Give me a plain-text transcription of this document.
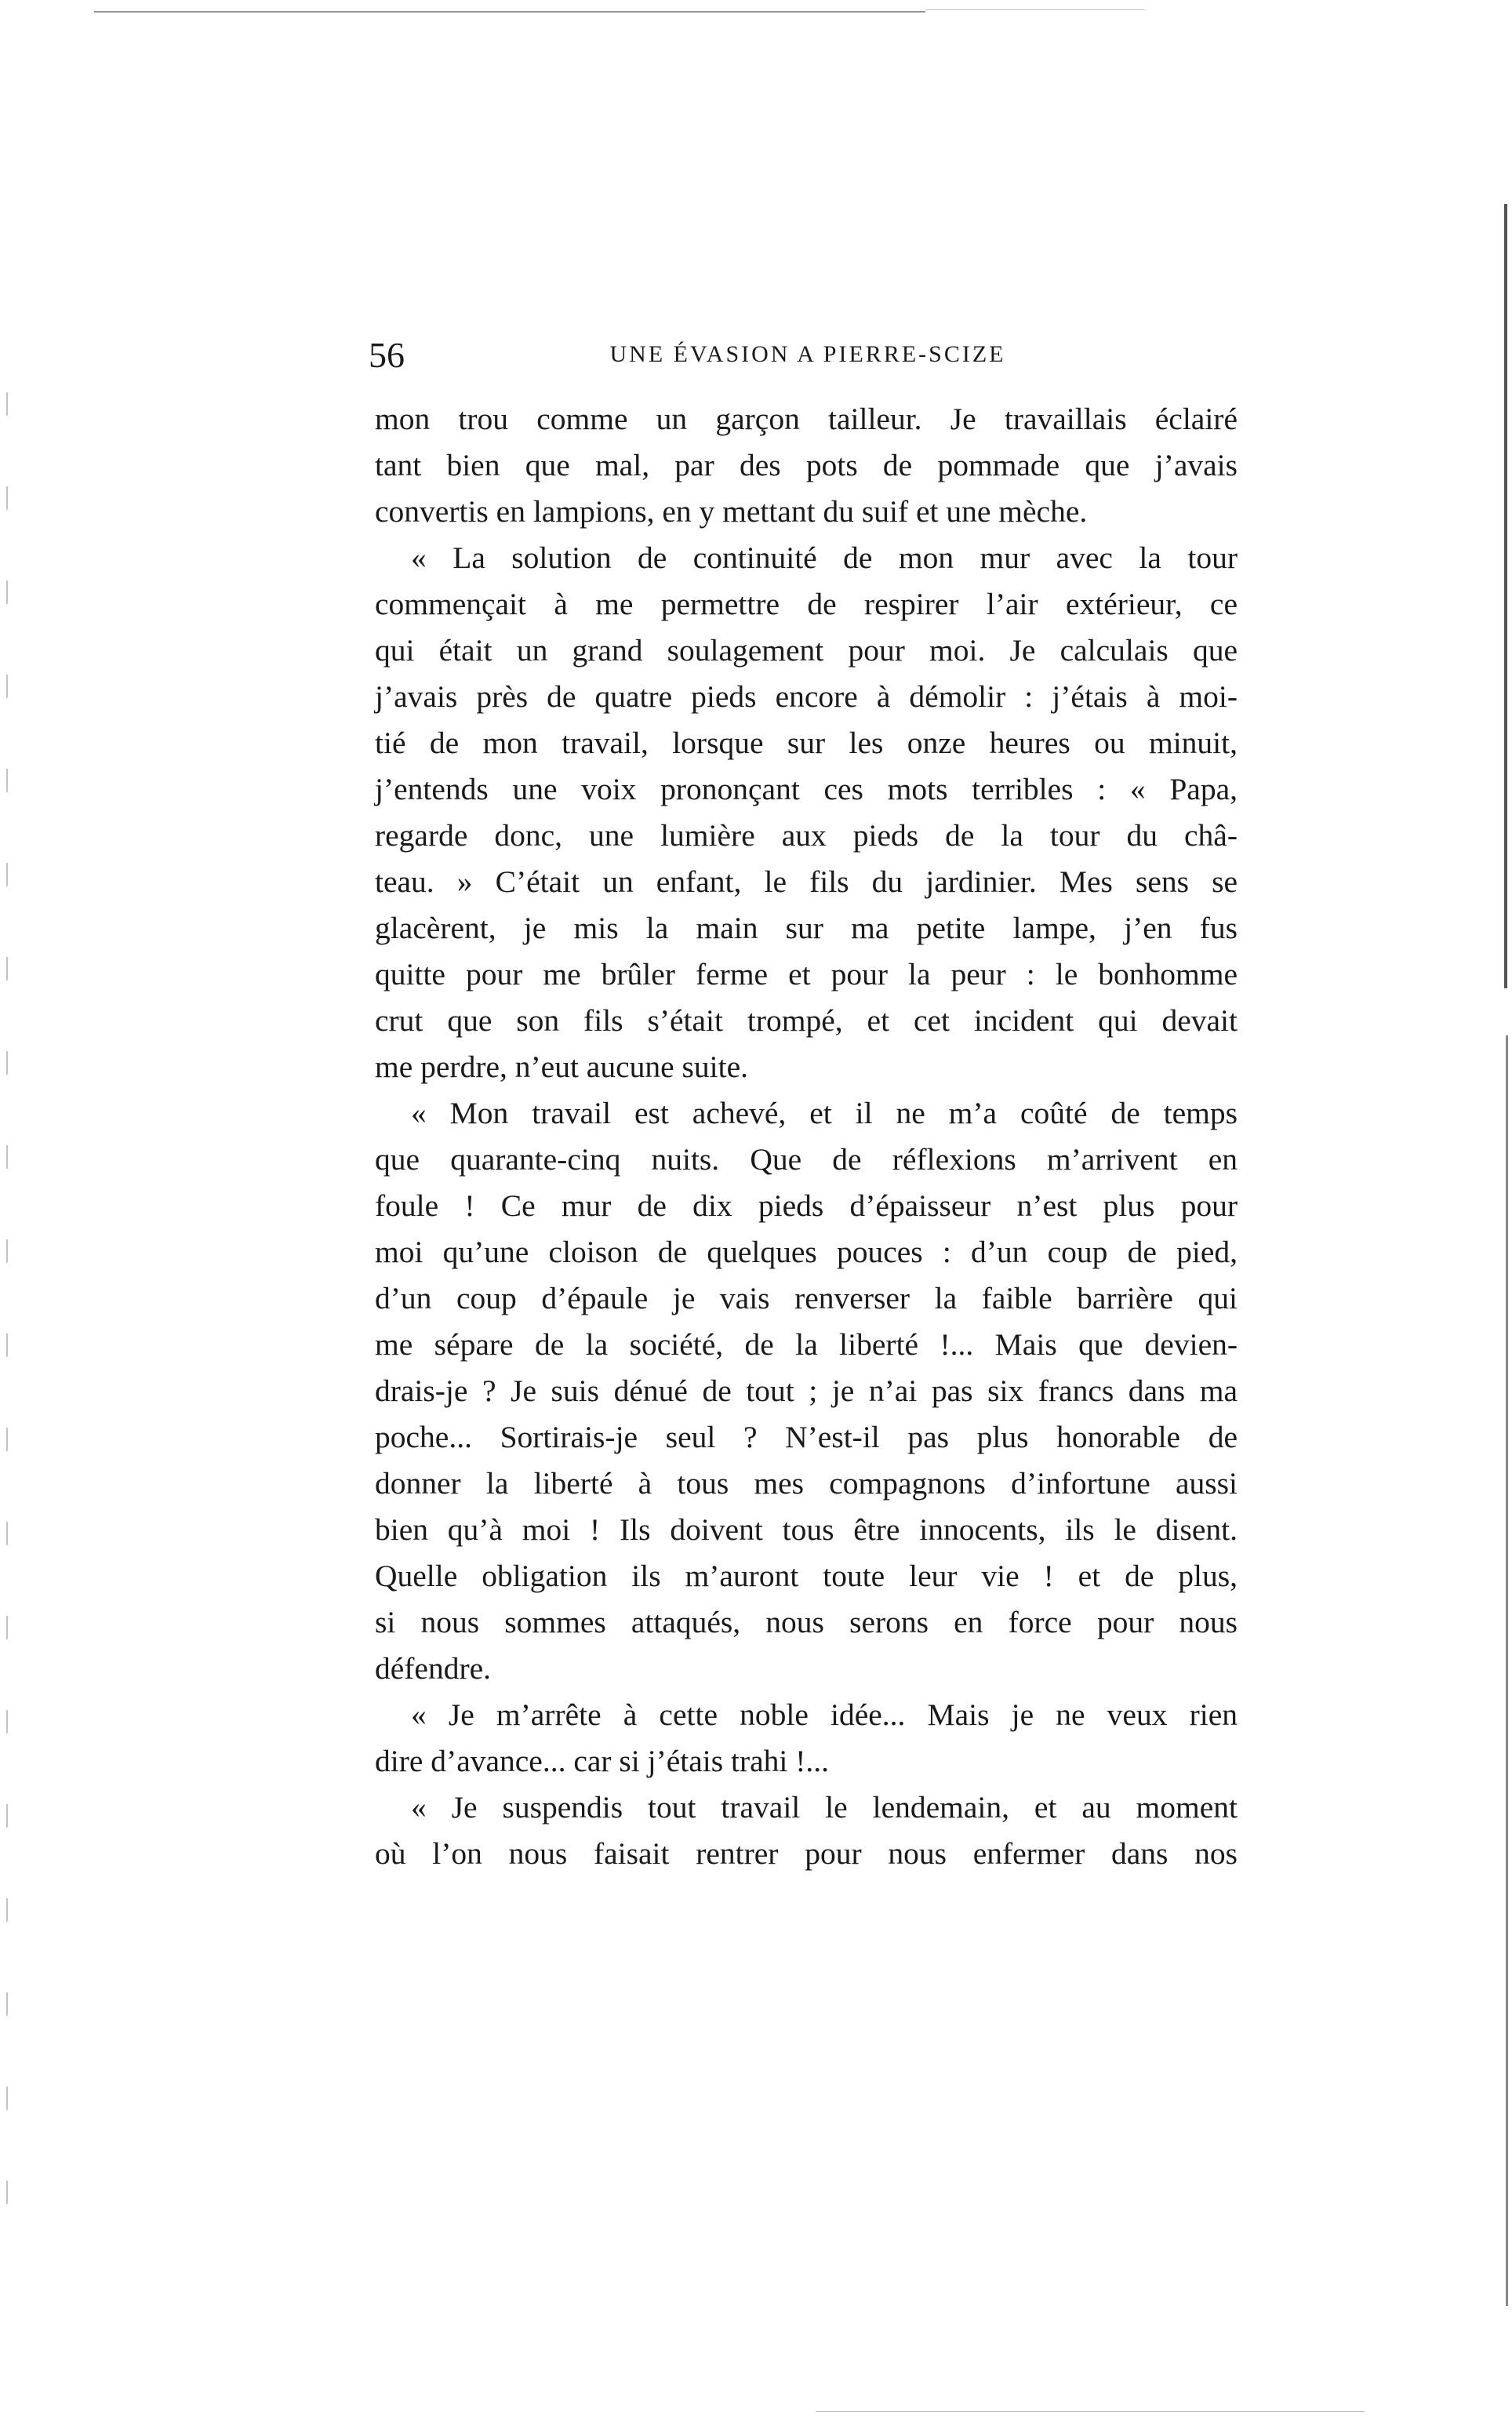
56	UNE ÉVASION A PIERRE-SCIZE
mon trou comme un garçon tailleur. Je travaillais éclairé
tant bien que mal, par des pots de pommade que j’avais
convertis en lampions, en y mettant du suif et une mèche.
« La solution de continuité de mon mur avec la tour
commençait à me permettre de respirer l’air extérieur, ce
qui était un grand soulagement pour moi. Je calculais que
j’avais près de quatre pieds encore à démolir : j’étais à moi-
tié de mon travail, lorsque sur les onze heures ou minuit,
j’entends une voix prononçant ces mots terribles : « Papa,
regarde donc, une lumière aux pieds de la tour du châ-
teau. » C’était un enfant, le fils du jardinier. Mes sens se
glacèrent, je mis la main sur ma petite lampe, j’en fus
quitte pour me brûler ferme et pour la peur : le bonhomme
crut que son fils s’était trompé, et cet incident qui devait
me perdre, n’eut aucune suite.
« Mon travail est achevé, et il ne m’a coûté de temps
que quarante-cinq nuits. Que de réflexions m’arrivent en
foule ! Ce mur de dix pieds d’épaisseur n’est plus pour
moi qu’une cloison de quelques pouces : d’un coup de pied,
d’un coup d’épaule je vais renverser la faible barrière qui
me sépare de la société, de la liberté !... Mais que devien-
drais-je ? Je suis dénué de tout ; je n’ai pas six francs dans ma
poche... Sortirais-je seul ? N’est-il pas plus honorable de
donner la liberté à tous mes compagnons d’infortune aussi
bien qu’à moi ! Ils doivent tous être innocents, ils le disent.
Quelle obligation ils m’auront toute leur vie ! et de plus,
si nous sommes attaqués, nous serons en force pour nous
défendre.
« Je m’arrête à cette noble idée... Mais je ne veux rien
dire d’avance... car si j’étais trahi !...
« Je suspendis tout travail le lendemain, et au moment
où l’on nous faisait rentrer pour nous enfermer dans nos
